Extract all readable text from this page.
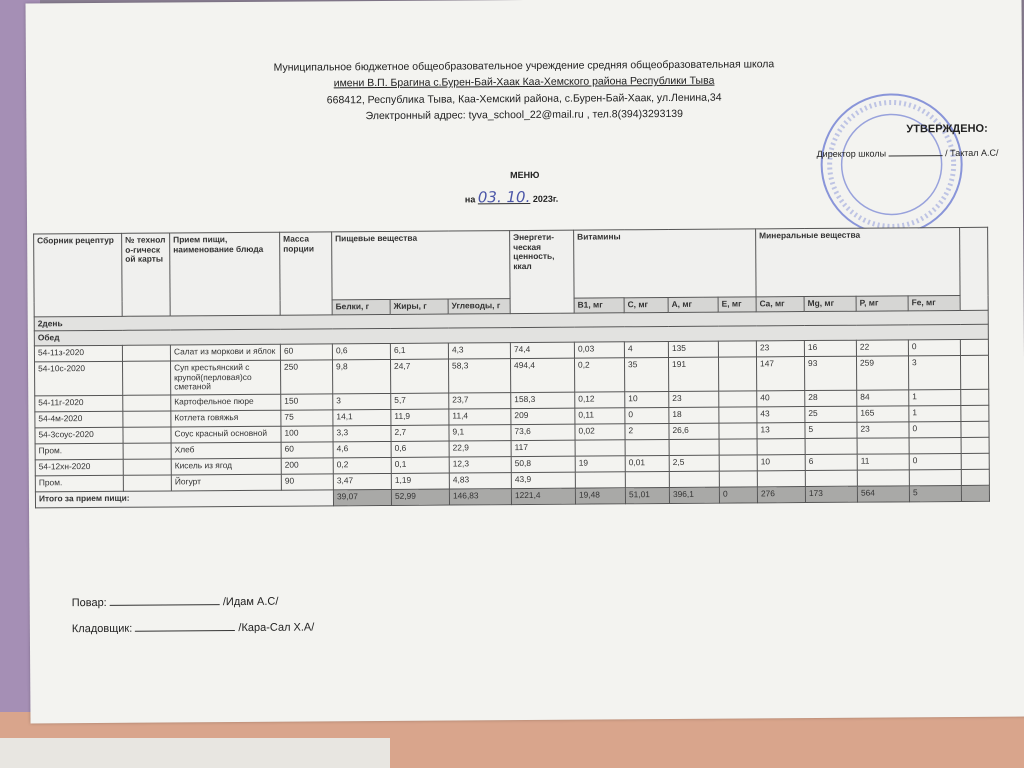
Муниципальное бюджетное общеобразовательное учреждение средняя общеобразовательная школа
имени В.П. Брагина с.Бурен-Бай-Хаак Каа-Хемского района Республики Тыва
668412, Республика Тыва, Каа-Хемский района, с.Бурен-Бай-Хаак, ул.Ленина,34
Электронный адрес: tyva_school_22@mail.ru , тел.8(394)3293139
УТВЕРЖДЕНО:
Директор школы	/ Тактал А.С/
МЕНЮ
на 03. 10. 2023г.
Сборник рецептур	№ технол о-гическ ой карты	Прием пищи, наименование блюда	Масса порции	Пищевые вещества			Энергети-ческая ценность, ккал	Витамины				Минеральные вещества				
				Белки, г	Жиры, г	Углеводы, г		B1, мг	C, мг	A, мг	E, мг	Ca, мг	Mg, мг	P, мг	Fe, мг	
2день																
Обед																
54-11з-2020		Салат из моркови и яблок	60	0,6	6,1	4,3	74,4	0,03	4	135		23	16	22	0	
54-10с-2020		Суп крестьянский с крупой(перловая)со сметаной	250	9,8	24,7	58,3	494,4	0,2	35	191		147	93	259	3	
54-11г-2020		Картофельное пюре	150	3	5,7	23,7	158,3	0,12	10	23		40	28	84	1	
54-4м-2020		Котлета говяжья	75	14,1	11,9	11,4	209	0,11	0	18		43	25	165	1	
54-3соус-2020		Соус красный основной	100	3,3	2,7	9,1	73,6	0,02	2	26,6		13	5	23	0	
Пром.		Хлеб	60	4,6	0,6	22,9	117									
54-12хн-2020		Кисель из ягод	200	0,2	0,1	12,3	50,8	19	0,01	2,5		10	6	11	0	
Пром.		Йогурт	90	3,47	1,19	4,83	43,9									
Итого за прием пищи:				39,07	52,99	146,83	1221,4	19,48	51,01	396,1	0	276	173	564	5	
Повар:	/Идам А.С/
Кладовщик:	/Кара-Сал Х.А/
